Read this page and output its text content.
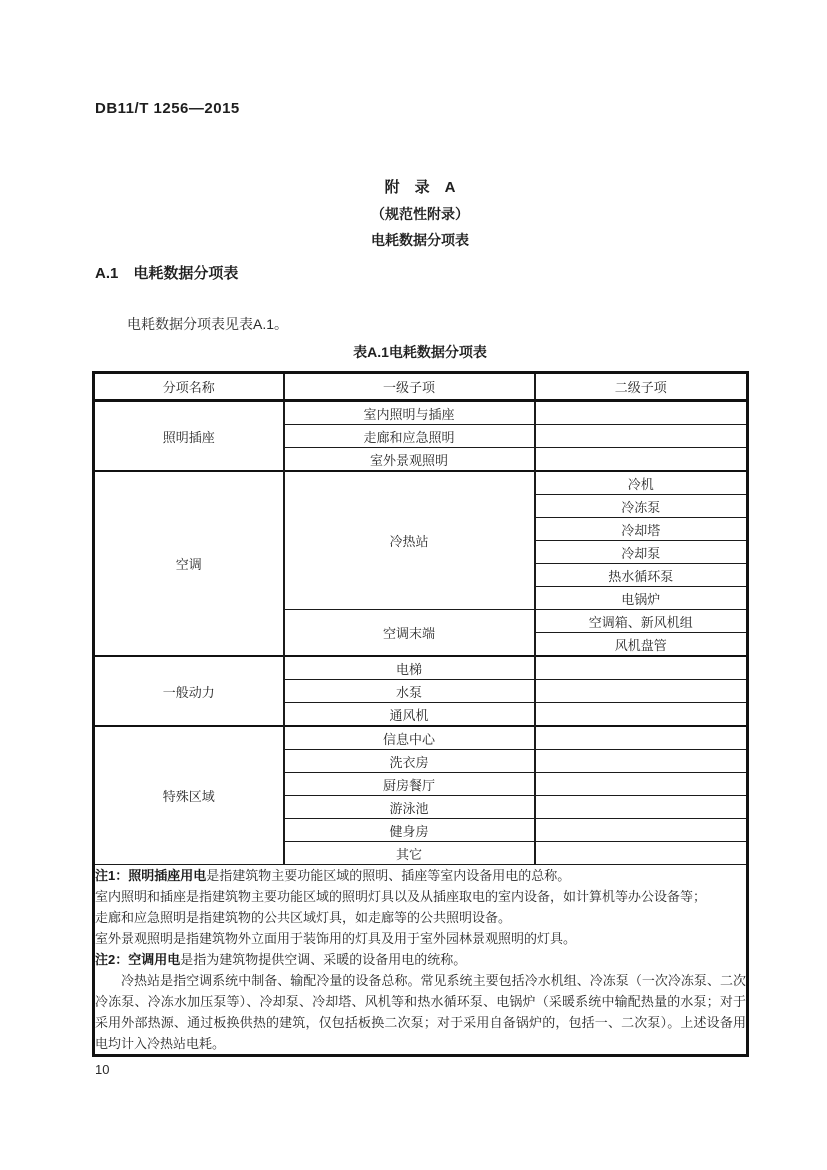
DB11/T 1256—2015
附　录　A
（规范性附录）
电耗数据分项表
A.1　电耗数据分项表
电耗数据分项表见表A.1。
表A.1电耗数据分项表
分项名称	一级子项	二级子项
照明插座	室内照明与插座	
	走廊和应急照明	
	室外景观照明	
空调	冷热站	冷机
		冷冻泵
		冷却塔
		冷却泵
		热水循环泵
		电锅炉
	空调末端	空调箱、新风机组
		风机盘管
一般动力	电梯	
	水泵	
	通风机	
特殊区域	信息中心	
	洗衣房	
	厨房餐厅	
	游泳池	
	健身房	
	其它	

注1：照明插座用电是指建筑物主要功能区域的照明、插座等室内设备用电的总称。

室内照明和插座是指建筑物主要功能区域的照明灯具以及从插座取电的室内设备，如计算机等办公设备等；

走廊和应急照明是指建筑物的公共区域灯具，如走廊等的公共照明设备。

室外景观照明是指建筑物外立面用于装饰用的灯具及用于室外园林景观照明的灯具。

注2：空调用电是指为建筑物提供空调、采暖的设备用电的统称。

冷热站是指空调系统中制备、输配冷量的设备总称。常见系统主要包括冷水机组、冷冻泵（一次冷冻泵、二次冷冻泵、冷冻水加压泵等）、冷却泵、冷却塔、风机等和热水循环泵、电锅炉（采暖系统中输配热量的水泵；对于采用外部热源、通过板换供热的建筑，仅包括板换二次泵；对于采用自备锅炉的，包括一、二次泵）。上述设备用电均计入冷热站电耗。

10
